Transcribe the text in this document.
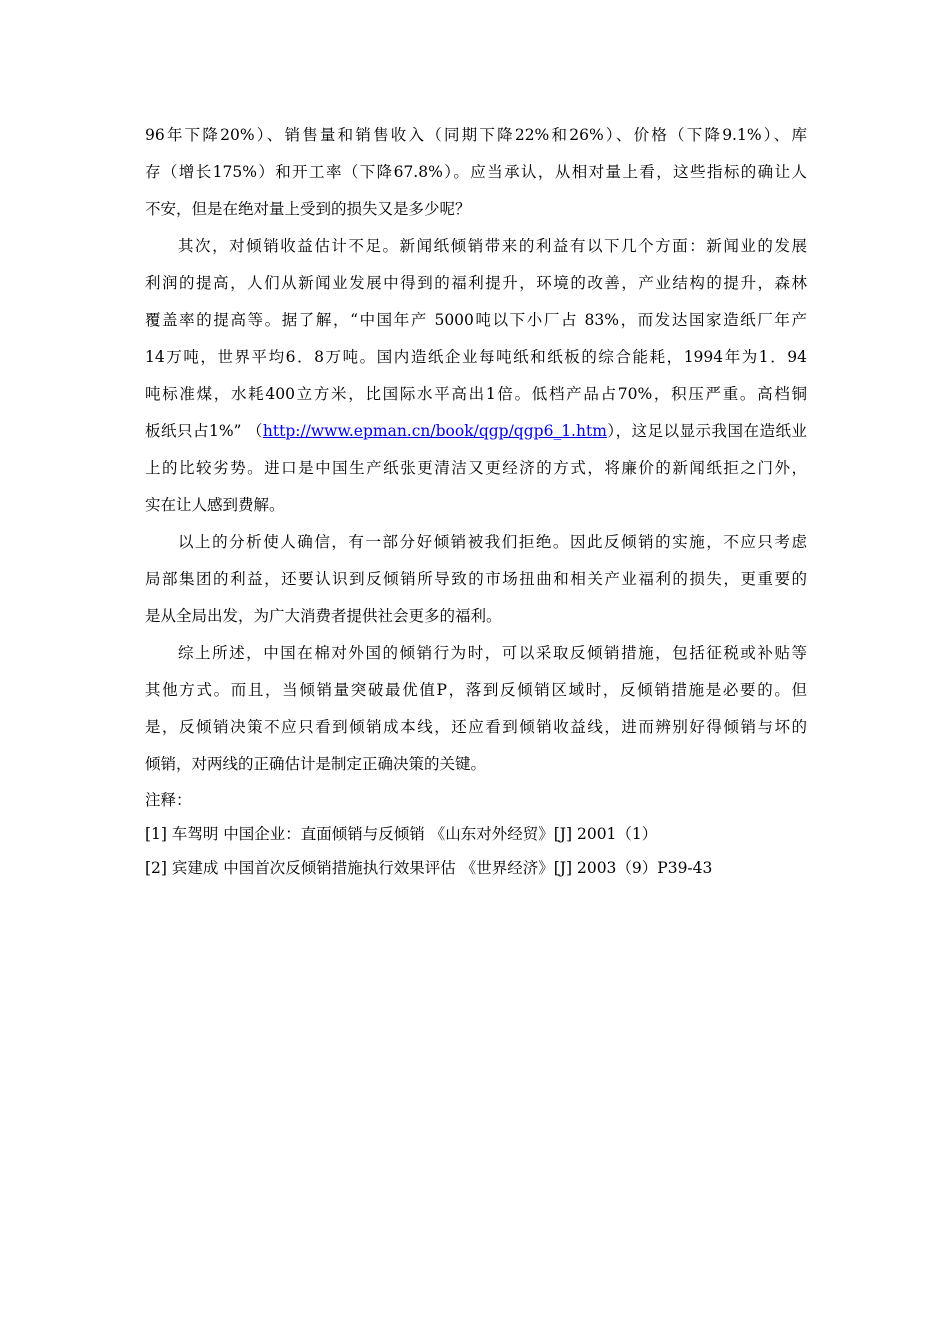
96年下降20%）、销售量和销售收入（同期下降22%和26%）、价格（下降9.1%）、库
存（增长175%）和开工率（下降67.8%）。应当承认，从相对量上看，这些指标的确让人
不安，但是在绝对量上受到的损失又是多少呢？
其次，对倾销收益估计不足。新闻纸倾销带来的利益有以下几个方面：新闻业的发展
利润的提高，人们从新闻业发展中得到的福利提升，环境的改善，产业结构的提升，森林
覆盖率的提高等。据了解，“中国年产 5000吨以下小厂占 83%，而发达国家造纸厂年产
14万吨，世界平均6．8万吨。国内造纸企业每吨纸和纸板的综合能耗，1994年为1．94
吨标准煤，水耗400立方米，比国际水平高出1倍。低档产品占70%，积压严重。高档铜
板纸只占1%” （http://www.epman.cn/book/qgp/qgp6_1.htm），这足以显示我国在造纸业
上的比较劣势。进口是中国生产纸张更清洁又更经济的方式，将廉价的新闻纸拒之门外，
实在让人感到费解。
以上的分析使人确信，有一部分好倾销被我们拒绝。因此反倾销的实施，不应只考虑
局部集团的利益，还要认识到反倾销所导致的市场扭曲和相关产业福利的损失，更重要的
是从全局出发，为广大消费者提供社会更多的福利。
综上所述，中国在棉对外国的倾销行为时，可以采取反倾销措施，包括征税或补贴等
其他方式。而且，当倾销量突破最优值P，落到反倾销区域时，反倾销措施是必要的。但
是，反倾销决策不应只看到倾销成本线，还应看到倾销收益线，进而辨别好得倾销与坏的
倾销，对两线的正确估计是制定正确决策的关键。
注释：
[1] 车驾明 中国企业：直面倾销与反倾销 《山东对外经贸》[J] 2001（1）
[2] 宾建成 中国首次反倾销措施执行效果评估 《世界经济》[J] 2003（9）P39-43
